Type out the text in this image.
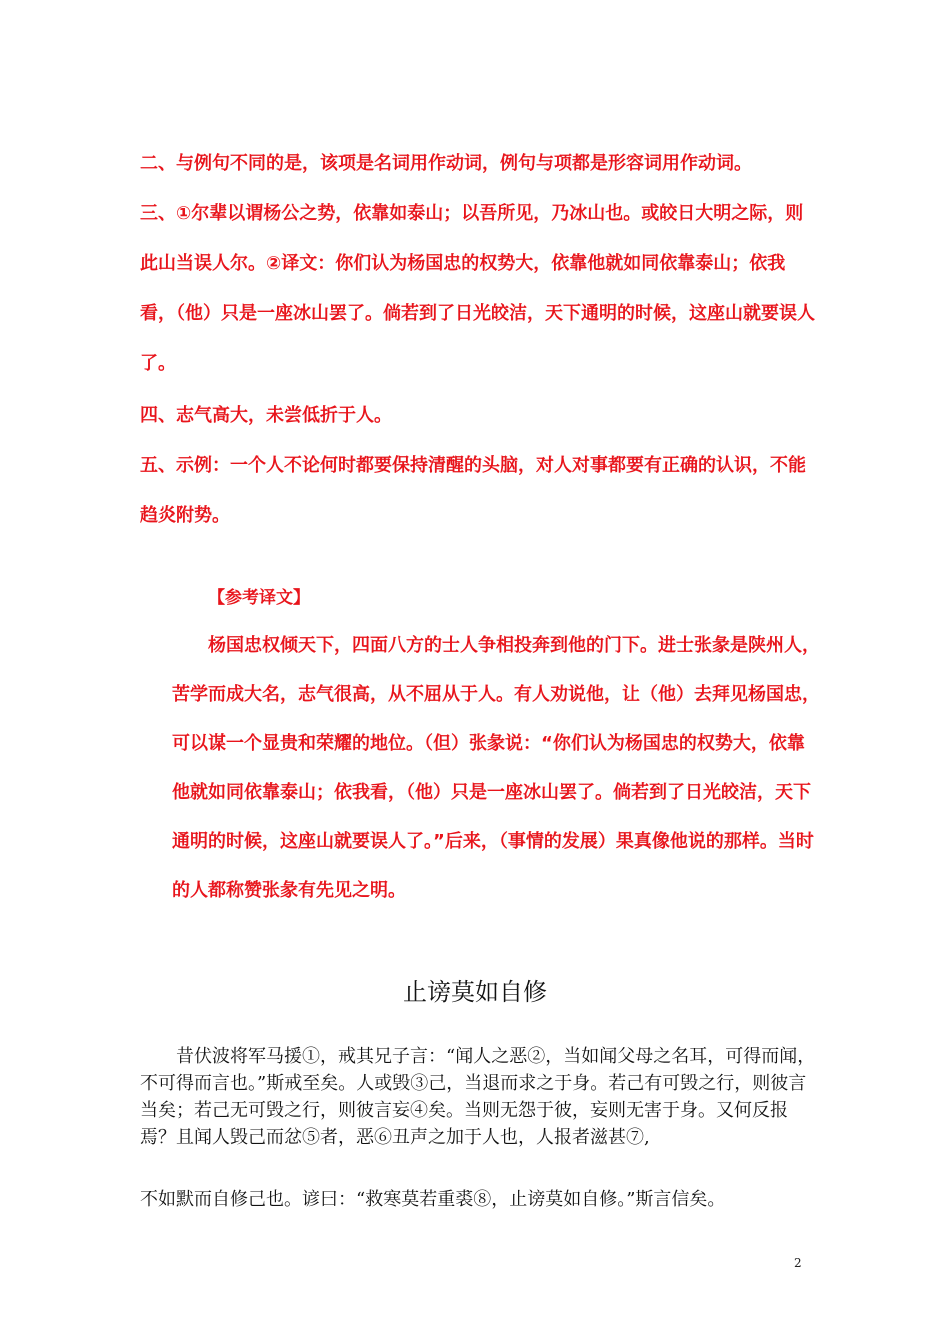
二、与例句不同的是，该项是名词用作动词，例句与项都是形容词用作动词。

三、①尔辈以谓杨公之势，依靠如泰山；以吾所见，乃冰山也。或皎日大明之际，则此山当误人尔。②译文：你们认为杨国忠的权势大，依靠他就如同依靠泰山；依我看，（他）只是一座冰山罢了。倘若到了日光皎洁，天下通明的时候，这座山就要误人了。

四、志气高大，未尝低折于人。

五、示例：一个人不论何时都要保持清醒的头脑，对人对事都要有正确的认识，不能趋炎附势。

【参考译文】

杨国忠权倾天下，四面八方的士人争相投奔到他的门下。进士张彖是陕州人，苦学而成大名，志气很高，从不屈从于人。有人劝说他，让（他）去拜见杨国忠，可以谋一个显贵和荣耀的地位。（但）张彖说：“你们认为杨国忠的权势大，依靠他就如同依靠泰山；依我看，（他）只是一座冰山罢了。倘若到了日光皎洁，天下通明的时候，这座山就要误人了。”后来，（事情的发展）果真像他说的那样。当时的人都称赞张彖有先见之明。

止谤莫如自修

昔伏波将军马援①，戒其兄子言：“闻人之恶②，当如闻父母之名耳，可得而闻，不可得而言也。”斯戒至矣。人或毁③己，当退而求之于身。若己有可毁之行，则彼言当矣；若己无可毁之行，则彼言妄④矣。当则无怨于彼，妄则无害于身。又何反报焉？且闻人毁己而忿⑤者，恶⑥丑声之加于人也，人报者滋甚⑦,

不如默而自修己也。谚曰：“救寒莫若重裘⑧，止谤莫如自修。”斯言信矣。

2
